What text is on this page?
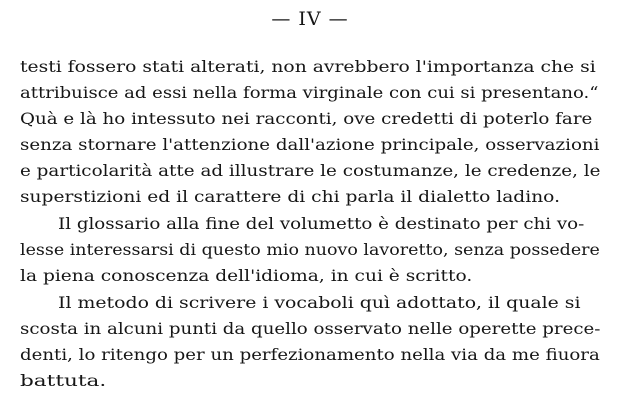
— IV —
testi fossero stati alterati, non avrebbero l'importanza che si
attribuisce ad essi nella forma virginale con cui si presentano.“
Quà e là ho intessuto nei racconti, ove credetti di poterlo fare
senza stornare l'attenzione dall'azione principale, osservazioni
e particolarità atte ad illustrare le costumanze, le credenze, le
superstizioni ed il carattere di chi parla il dialetto ladino.
Il glossario alla fine del volumetto è destinato per chi vo-
lesse interessarsi di questo mio nuovo lavoretto, senza possedere
la piena conoscenza dell'idioma, in cui è scritto.
Il metodo di scrivere i vocaboli quì adottato, il quale si
scosta in alcuni punti da quello osservato nelle operette prece-
denti, lo ritengo per un perfezionamento nella via da me fiuora
battuta.
